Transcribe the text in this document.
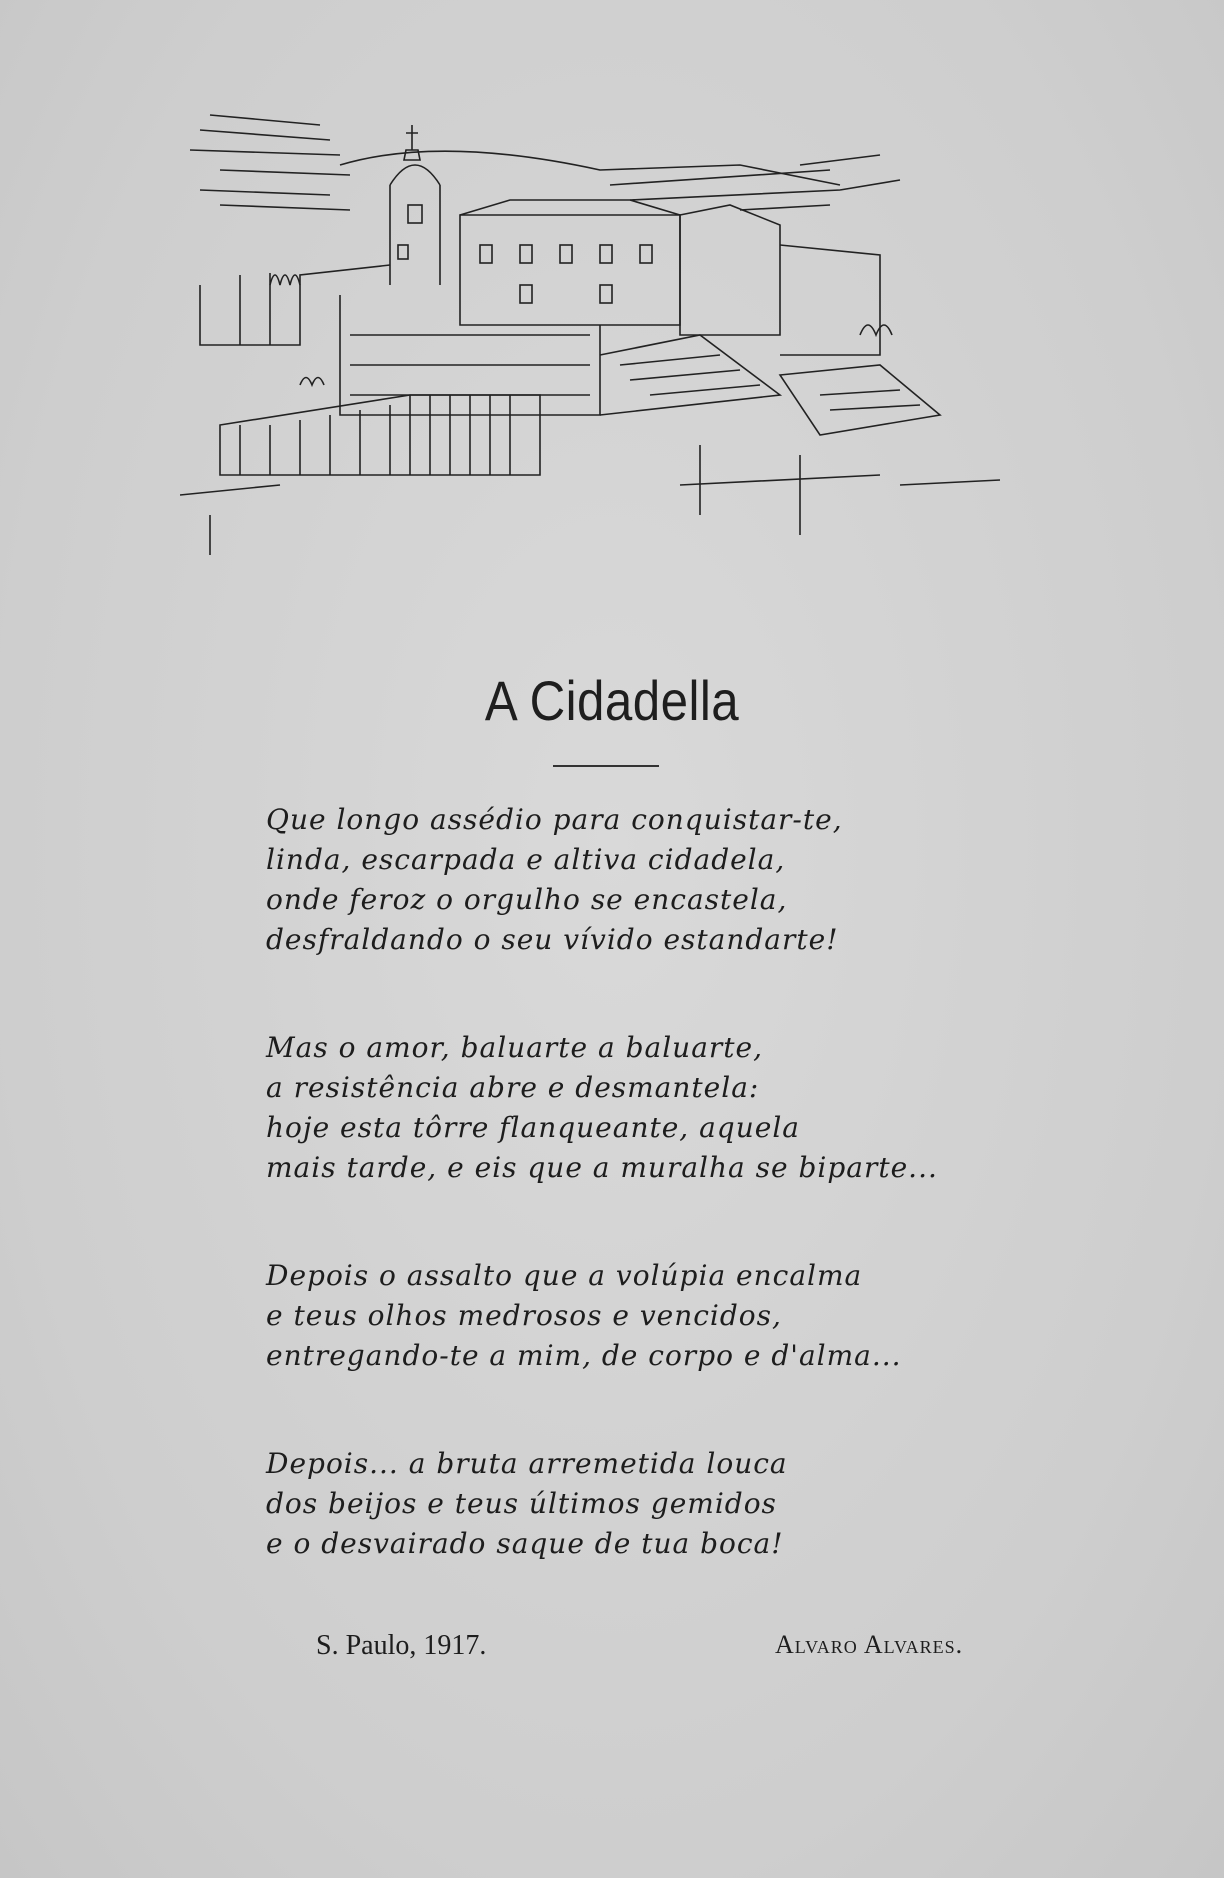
A Cidadella
Que longo assédio para conquistar-te,
linda, escarpada e altiva cidadela,
onde feroz o orgulho se encastela,
desfraldando o seu vívido estandarte!
Mas o amor, baluarte a baluarte,
a resistência abre e desmantela:
hoje esta tôrre flanqueante, aquela
mais tarde, e eis que a muralha se biparte...
Depois o assalto que a volúpia encalma
e teus olhos medrosos e vencidos,
entregando-te a mim, de corpo e d'alma...
Depois... a bruta arremetida louca
dos beijos e teus últimos gemidos
e o desvairado saque de tua boca!
S. Paulo, 1917.	Alvaro Alvares.
